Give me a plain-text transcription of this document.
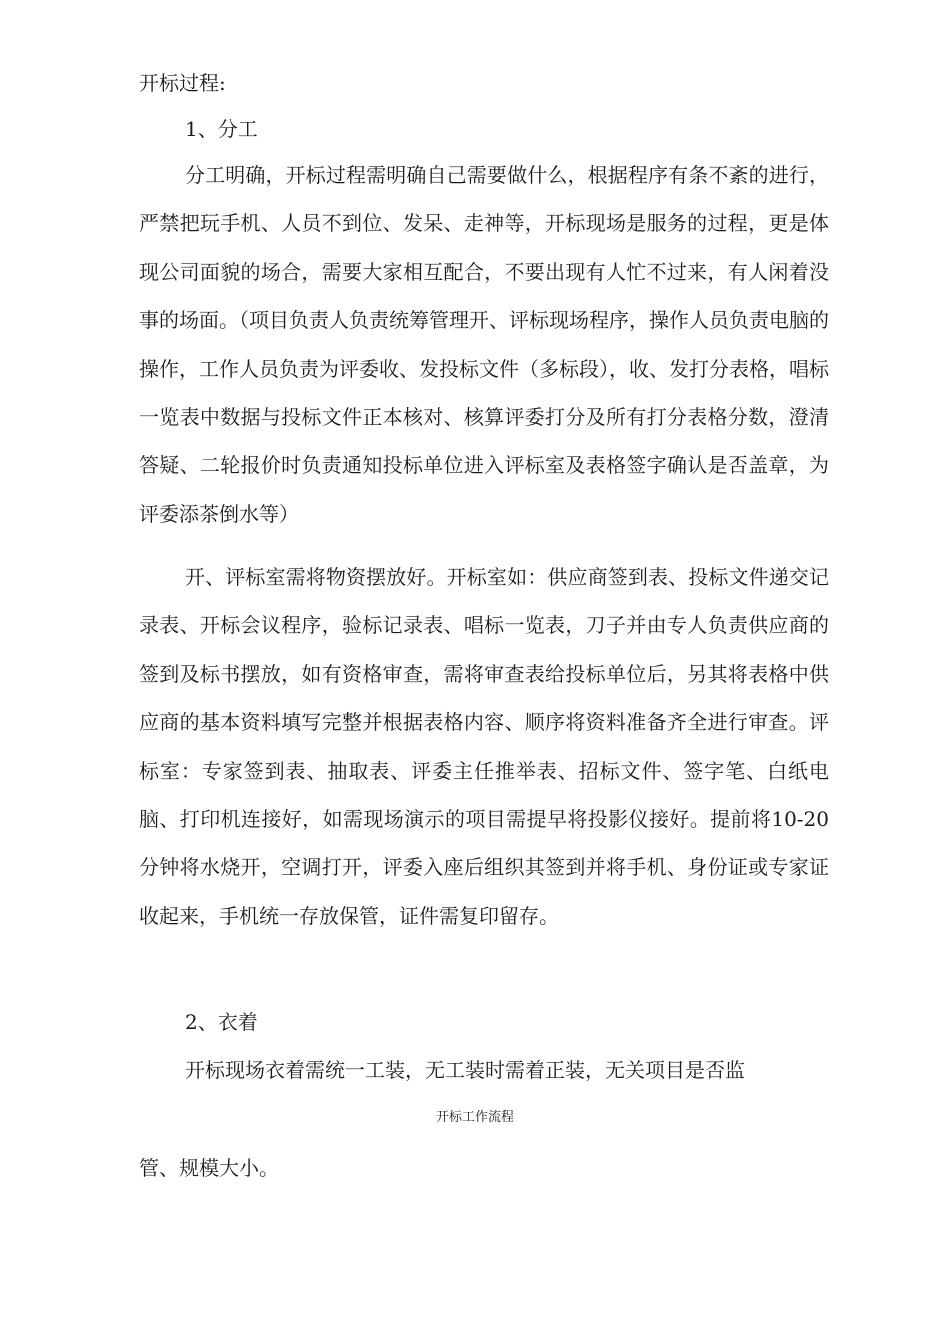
开标过程:
1、分工

分工明确，开标过程需明确自己需要做什么，根据程序有条不紊的进行，严禁把玩手机、人员不到位、发呆、走神等，开标现场是服务的过程，更是体现公司面貌的场合，需要大家相互配合，不要出现有人忙不过来，有人闲着没事的场面。（项目负责人负责统筹管理开、评标现场程序，操作人员负责电脑的操作，工作人员负责为评委收、发投标文件（多标段），收、发打分表格，唱标一览表中数据与投标文件正本核对、核算评委打分及所有打分表格分数，澄清答疑、二轮报价时负责通知投标单位进入评标室及表格签字确认是否盖章，为评委添茶倒水等）

开、评标室需将物资摆放好。开标室如：供应商签到表、投标文件递交记录表、开标会议程序，验标记录表、唱标一览表，刀子并由专人负责供应商的签到及标书摆放，如有资格审查，需将审查表给投标单位后，另其将表格中供应商的基本资料填写完整并根据表格内容、顺序将资料准备齐全进行审查。评标室：专家签到表、抽取表、评委主任推举表、招标文件、签字笔、白纸电脑、打印机连接好，如需现场演示的项目需提早将投影仪接好。提前将10-20分钟将水烧开，空调打开，评委入座后组织其签到并将手机、身份证或专家证收起来，手机统一存放保管，证件需复印留存。

2、衣着

开标现场衣着需统一工装，无工装时需着正装，无关项目是否监

开标工作流程
管、规模大小。
